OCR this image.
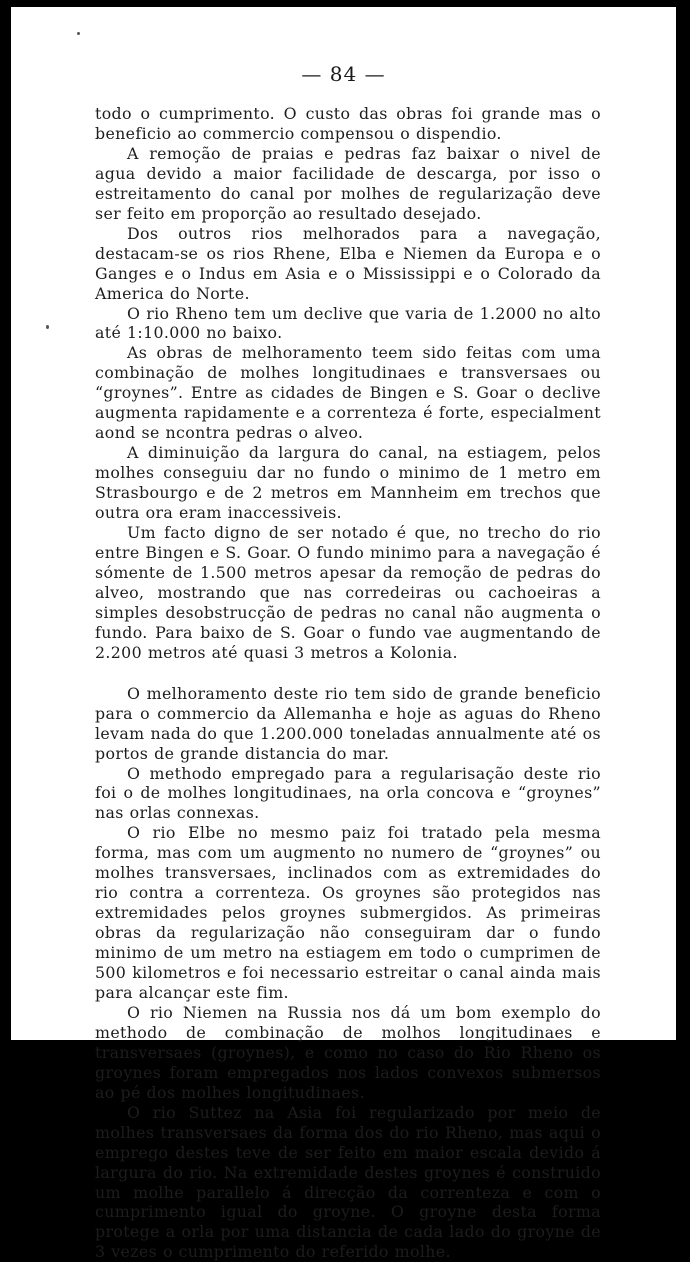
— 84 —

todo o cumprimento. O custo das obras foi grande mas o beneficio ao commercio compensou o dispendio.

A remoção de praias e pedras faz baixar o nivel de agua devido a maior facilidade de descarga, por isso o estreitamento do canal por molhes de regularização deve ser feito em proporção ao resultado desejado.

Dos outros rios melhorados para a navegação, destacam-se os rios Rhene, Elba e Niemen da Europa e o Ganges e o Indus em Asia e o Mississippi e o Colorado da America do Norte.

O rio Rheno tem um declive que varia de 1.2000 no alto até 1:10.000 no baixo.

As obras de melhoramento teem sido feitas com uma combinação de molhes longitudinaes e transversaes ou “groynes”. Entre as cidades de Bingen e S. Goar o declive augmenta rapidamente e a correnteza é forte, especialment aond se ncontra pedras o alveo.

A diminuição da largura do canal, na estiagem, pelos molhes conseguiu dar no fundo o minimo de 1 metro em Strasbourgo e de 2 metros em Mannheim em trechos que outra ora eram inaccessiveis.

Um facto digno de ser notado é que, no trecho do rio entre Bingen e S. Goar. O fundo minimo para a navegação é sómente de 1.500 metros apesar da remoção de pedras do alveo, mostrando que nas corredeiras ou cachoeiras a simples desobstrucção de pedras no canal não augmenta o fundo. Para baixo de S. Goar o fundo vae augmentando de 2.200 metros até quasi 3 metros a Kolonia.

O melhoramento deste rio tem sido de grande beneficio para o commercio da Allemanha e hoje as aguas do Rheno levam nada do que 1.200.000 toneladas annualmente até os portos de grande distancia do mar.

O methodo empregado para a regularisação deste rio foi o de molhes longitudinaes, na orla concova e “groynes” nas orlas connexas.

O rio Elbe no mesmo paiz foi tratado pela mesma forma, mas com um augmento no numero de “groynes” ou molhes transversaes, inclinados com as extremidades do rio contra a correnteza. Os groynes são protegidos nas extremidades pelos groynes submergidos. As primeiras obras da regularização não conseguiram dar o fundo minimo de um metro na estiagem em todo o cumprimen de 500 kilometros e foi necessario estreitar o canal ainda mais para alcançar este fim.

O rio Niemen na Russia nos dá um bom exemplo do methodo de combinação de molhos longitudinaes e transversaes (groynes), e como no caso do Rio Rheno os groynes foram empregados nos lados convexos submersos ao pé dos molhes longitudinaes.

O rio Suttez na Asia foi regularizado por meio de molhes transversaes da forma dos do rio Rheno, mas aqui o emprego destes teve de ser feito em maior escala devido á largura do rio. Na extremidade destes groynes é construido um molhe parallelo á direcção da correnteza e com o cumprimento igual do groyne. O groyne desta forma protege a orla por uma distancia de cada lado do groyne de 3 vezes o cumprimento do referido molhe.
